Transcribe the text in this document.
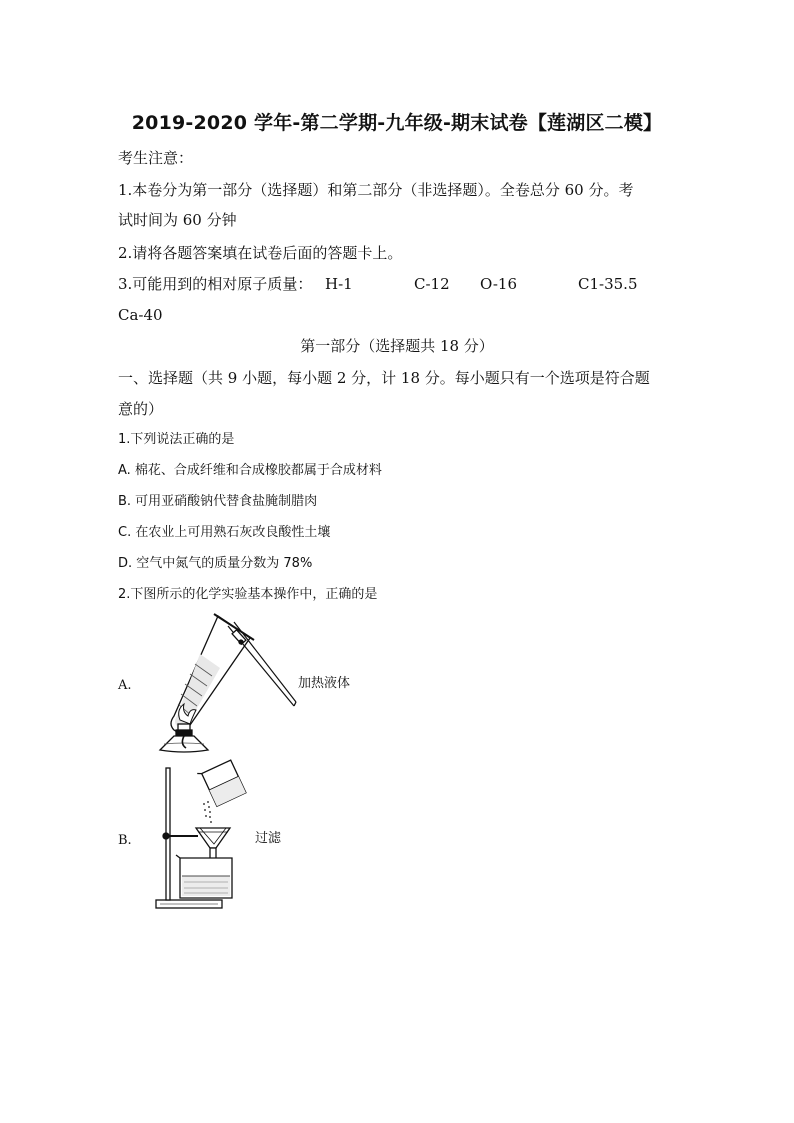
2019-2020 学年-第二学期-九年级-期末试卷【莲湖区二模】
考生注意：
1.本卷分为第一部分（选择题）和第二部分（非选择题）。全卷总分 60 分。考
试时间为 60 分钟
2.请将各题答案填在试卷后面的答题卡上。
3.可能用到的相对原子质量： H-1	C-12 O-16	C1-35.5
Ca-40
第一部分（选择题共 18 分）
一、选择题（共 9 小题，每小题 2 分，计 18 分。每小题只有一个选项是符合题
意的）
1.下列说法正确的是
A. 棉花、合成纤维和合成橡胶都属于合成材料
B. 可用亚硝酸钠代替食盐腌制腊肉
C. 在农业上可用熟石灰改良酸性土壤
D. 空气中氮气的质量分数为 78%
2.下图所示的化学实验基本操作中，正确的是
A.	加热液体
B.	过滤
